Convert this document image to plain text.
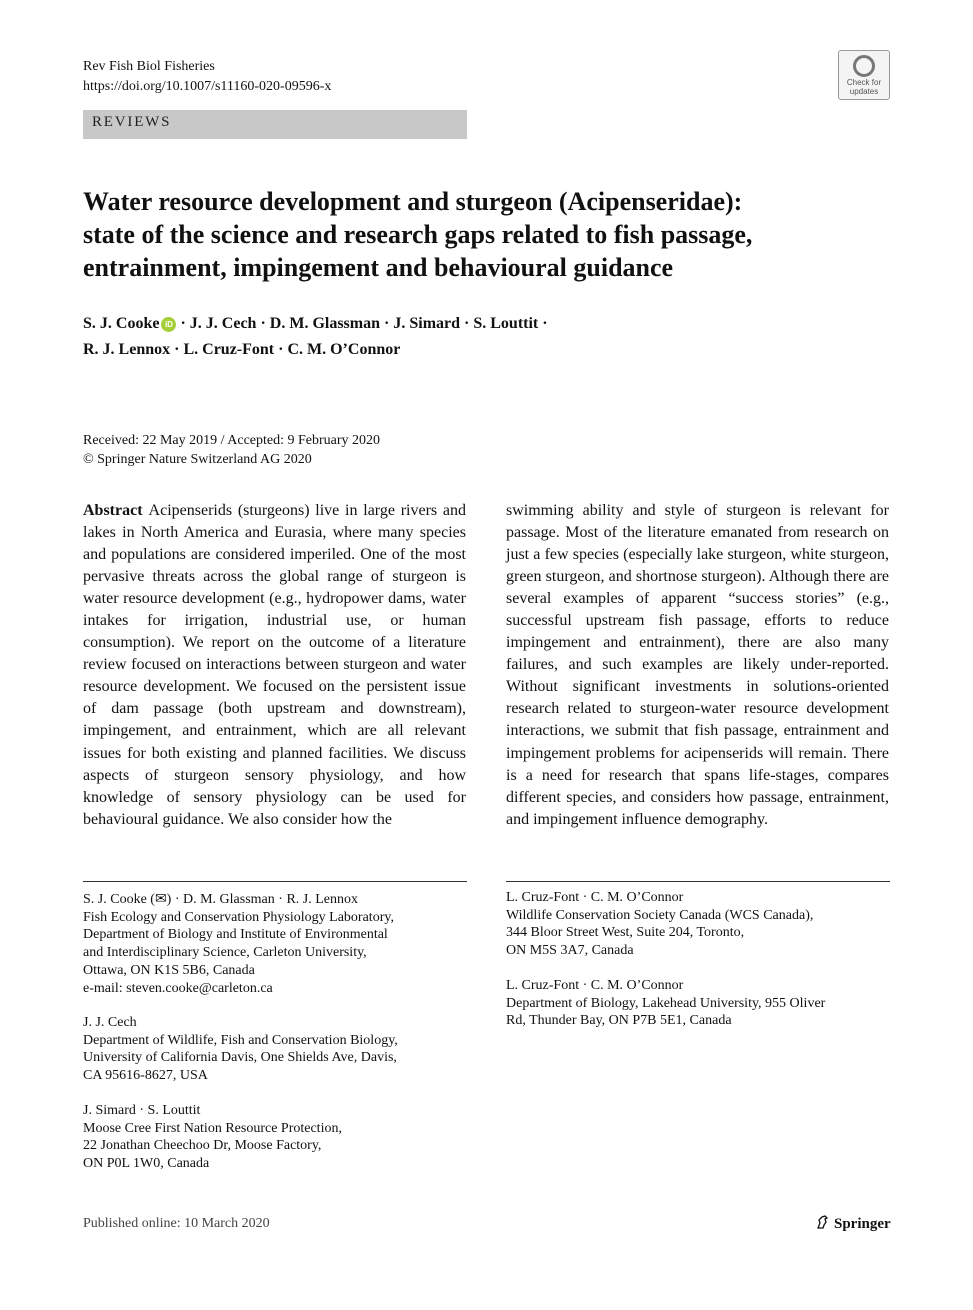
Rev Fish Biol Fisheries
https://doi.org/10.1007/s11160-020-09596-x	Check for
updates
REVIEWS
Water resource development and sturgeon (Acipenseridae):
state of the science and research gaps related to fish passage,
entrainment, impingement and behavioural guidance
S. J. Cooke iD · J. J. Cech · D. M. Glassman · J. Simard · S. Louttit ·
R. J. Lennox · L. Cruz-Font · C. M. O’Connor
Received: 22 May 2019 / Accepted: 9 February 2020
© Springer Nature Switzerland AG 2020
Abstract Acipenserids (sturgeons) live in large rivers and lakes in North America and Eurasia, where many species and populations are considered imperiled. One of the most pervasive threats across the global range of sturgeon is water resource development (e.g., hydropower dams, water intakes for irrigation, industrial use, or human consumption). We report on the outcome of a literature review focused on interactions between sturgeon and water resource development. We focused on the persistent issue of dam passage (both upstream and downstream), impingement, and entrainment, which are all relevant issues for both existing and planned facilities. We discuss aspects of sturgeon sensory physiology, and how knowledge of sensory physiology can be used for behavioural guidance. We also consider how the
swimming ability and style of sturgeon is relevant for passage. Most of the literature emanated from research on just a few species (especially lake sturgeon, white sturgeon, green sturgeon, and shortnose sturgeon). Although there are several examples of apparent “success stories” (e.g., successful upstream fish passage, efforts to reduce impingement and entrainment), there are also many failures, and such examples are likely under-reported. Without significant investments in solutions-oriented research related to sturgeon-water resource development interactions, we submit that fish passage, entrainment and impingement problems for acipenserids will remain. There is a need for research that spans life-stages, compares different species, and considers how passage, entrainment, and impingement influence demography.
S. J. Cooke (✉) · D. M. Glassman · R. J. Lennox
Fish Ecology and Conservation Physiology Laboratory,
Department of Biology and Institute of Environmental
and Interdisciplinary Science, Carleton University,
Ottawa, ON K1S 5B6, Canada
e-mail: steven.cooke@carleton.ca
J. J. Cech
Department of Wildlife, Fish and Conservation Biology,
University of California Davis, One Shields Ave, Davis,
CA 95616-8627, USA
J. Simard · S. Louttit
Moose Cree First Nation Resource Protection,
22 Jonathan Cheechoo Dr, Moose Factory,
ON P0L 1W0, Canada
L. Cruz-Font · C. M. O’Connor
Wildlife Conservation Society Canada (WCS Canada),
344 Bloor Street West, Suite 204, Toronto,
ON M5S 3A7, Canada
L. Cruz-Font · C. M. O’Connor
Department of Biology, Lakehead University, 955 Oliver
Rd, Thunder Bay, ON P7B 5E1, Canada
Published online: 10 March 2020	Springer
